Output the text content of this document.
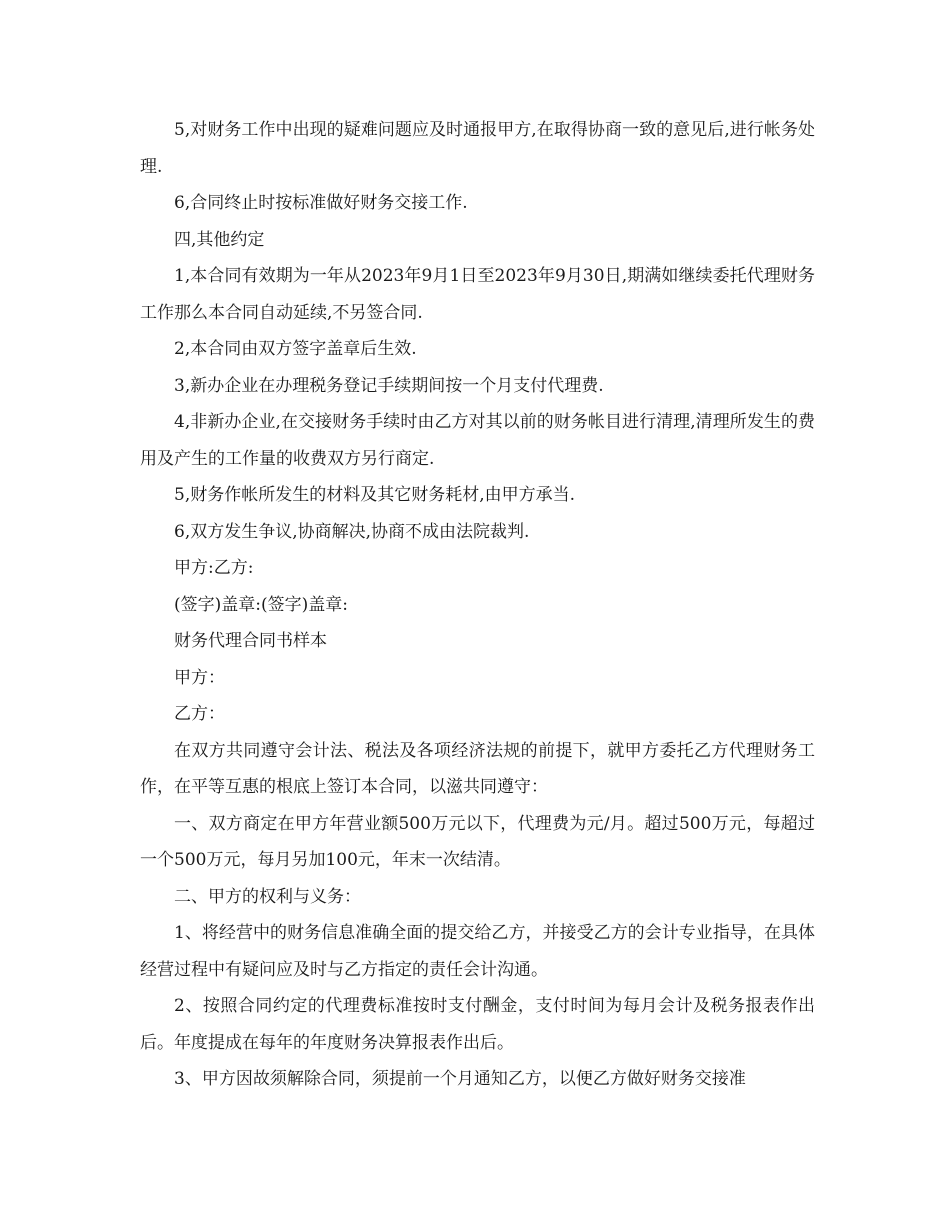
5,对财务工作中出现的疑难问题应及时通报甲方,在取得协商一致的意见后,进行帐务处理.

6,合同终止时按标准做好财务交接工作.

四,其他约定

1,本合同有效期为一年从2023年9月1日至2023年9月30日,期满如继续委托代理财务工作那么本合同自动延续,不另签合同.

2,本合同由双方签字盖章后生效.

3,新办企业在办理税务登记手续期间按一个月支付代理费.

4,非新办企业,在交接财务手续时由乙方对其以前的财务帐目进行清理,清理所发生的费用及产生的工作量的收费双方另行商定.

5,财务作帐所发生的材料及其它财务耗材,由甲方承当.

6,双方发生争议,协商解决,协商不成由法院裁判.

甲方:乙方:

(签字)盖章:(签字)盖章:

财务代理合同书样本

甲方：

乙方：

在双方共同遵守会计法、税法及各项经济法规的前提下，就甲方委托乙方代理财务工作，在平等互惠的根底上签订本合同，以滋共同遵守：

一、双方商定在甲方年营业额500万元以下，代理费为元/月。超过500万元，每超过一个500万元，每月另加100元，年末一次结清。

二、甲方的权利与义务：

1、将经营中的财务信息准确全面的提交给乙方，并接受乙方的会计专业指导，在具体经营过程中有疑问应及时与乙方指定的责任会计沟通。

2、按照合同约定的代理费标准按时支付酬金，支付时间为每月会计及税务报表作出后。年度提成在每年的年度财务决算报表作出后。

3、甲方因故须解除合同，须提前一个月通知乙方，以便乙方做好财务交接准
